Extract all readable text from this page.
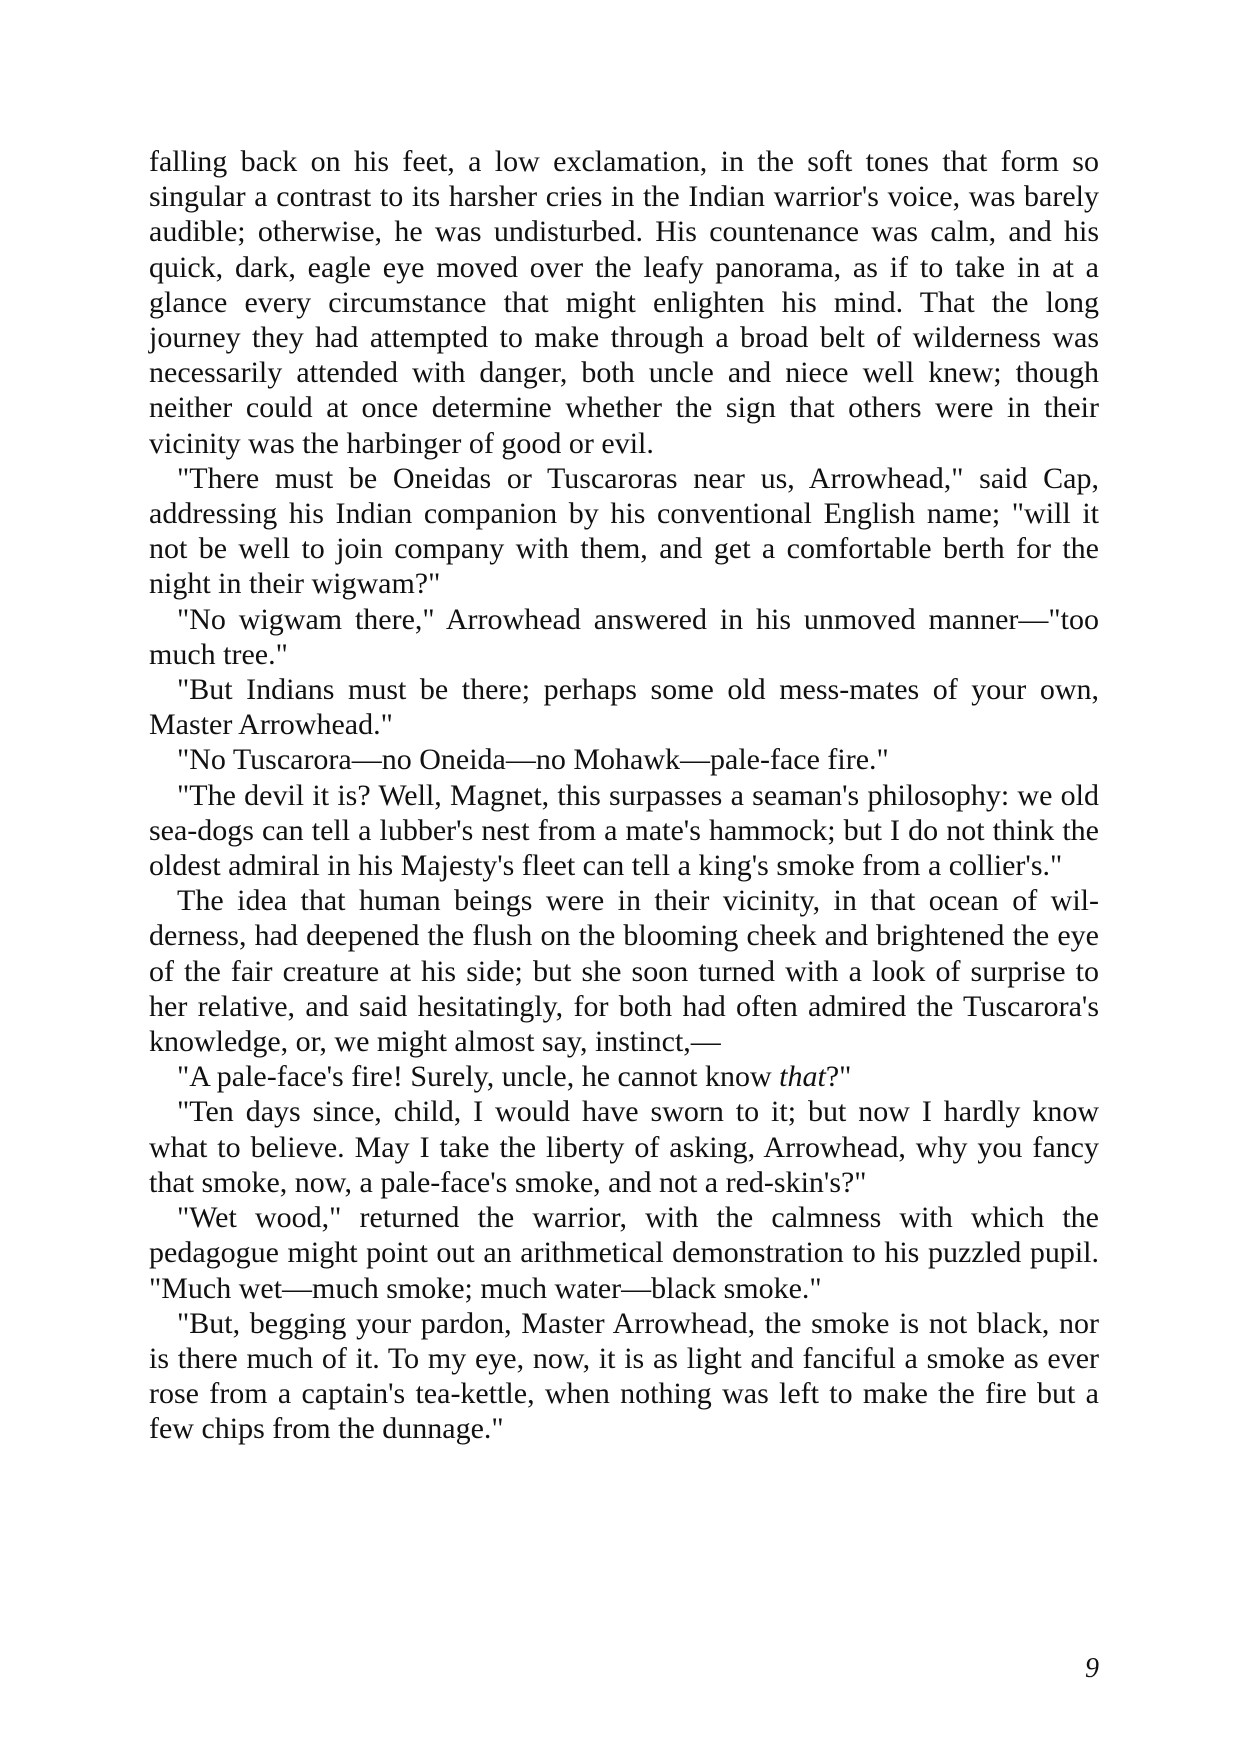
falling back on his feet, a low exclamation, in the soft tones that form so singular a contrast to its harsher cries in the Indian warrior's voice, was barely audible; otherwise, he was undisturbed. His countenance was calm, and his quick, dark, eagle eye moved over the leafy panorama, as if to take in at a glance every circumstance that might enlighten his mind. That the long journey they had attempted to make through a broad belt of wilderness was necessarily attended with danger, both uncle and niece well knew; though neither could at once determine whether the sign that others were in their vicinity was the harbinger of good or evil.

"There must be Oneidas or Tuscaroras near us, Arrowhead," said Cap, addressing his Indian companion by his conventional English name; "will it not be well to join company with them, and get a comfortable berth for the night in their wigwam?"

"No wigwam there," Arrowhead answered in his unmoved manner—"too much tree."

"But Indians must be there; perhaps some old mess-mates of your own, Master Arrowhead."

"No Tuscarora—no Oneida—no Mohawk—pale-face fire."

"The devil it is? Well, Magnet, this surpasses a seaman's philosophy: we old sea-dogs can tell a lubber's nest from a mate's hammock; but I do not think the oldest admiral in his Majesty's fleet can tell a king's smoke from a collier's."

The idea that human beings were in their vicinity, in that ocean of wilderness, had deepened the flush on the blooming cheek and brightened the eye of the fair creature at his side; but she soon turned with a look of surprise to her relative, and said hesitatingly, for both had often admired the Tuscarora's knowledge, or, we might almost say, instinct,—

"A pale-face's fire! Surely, uncle, he cannot know that?"

"Ten days since, child, I would have sworn to it; but now I hardly know what to believe. May I take the liberty of asking, Arrowhead, why you fancy that smoke, now, a pale-face's smoke, and not a red-skin's?"

"Wet wood," returned the warrior, with the calmness with which the pedagogue might point out an arithmetical demonstration to his puzzled pupil. "Much wet—much smoke; much water—black smoke."

"But, begging your pardon, Master Arrowhead, the smoke is not black, nor is there much of it. To my eye, now, it is as light and fanciful a smoke as ever rose from a captain's tea-kettle, when nothing was left to make the fire but a few chips from the dunnage."

9
